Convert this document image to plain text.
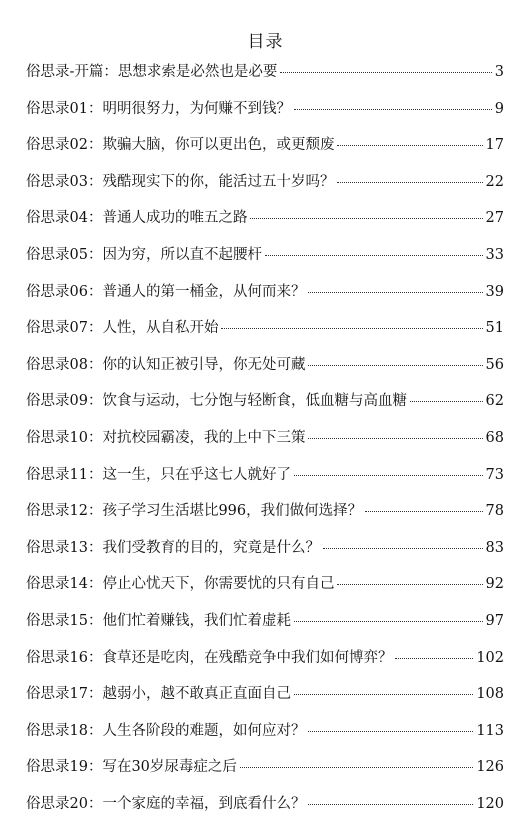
目录
俗思录-开篇：思想求索是必然也是必要	3
俗思录01：明明很努力，为何赚不到钱？	9
俗思录02：欺骗大脑，你可以更出色，或更颓废	17
俗思录03：残酷现实下的你，能活过五十岁吗？	22
俗思录04：普通人成功的唯五之路	27
俗思录05：因为穷，所以直不起腰杆	33
俗思录06：普通人的第一桶金，从何而来？	39
俗思录07：人性，从自私开始	51
俗思录08：你的认知正被引导，你无处可藏	56
俗思录09：饮食与运动，七分饱与轻断食，低血糖与高血糖	62
俗思录10：对抗校园霸凌，我的上中下三策	68
俗思录11：这一生，只在乎这七人就好了	73
俗思录12：孩子学习生活堪比996，我们做何选择？	78
俗思录13：我们受教育的目的，究竟是什么？	83
俗思录14：停止心忧天下，你需要忧的只有自己	92
俗思录15：他们忙着赚钱，我们忙着虚耗	97
俗思录16：食草还是吃肉，在残酷竞争中我们如何博弈？	102
俗思录17：越弱小，越不敢真正直面自己	108
俗思录18：人生各阶段的难题，如何应对？	113
俗思录19：写在30岁尿毒症之后	126
俗思录20：一个家庭的幸福，到底看什么？	120
